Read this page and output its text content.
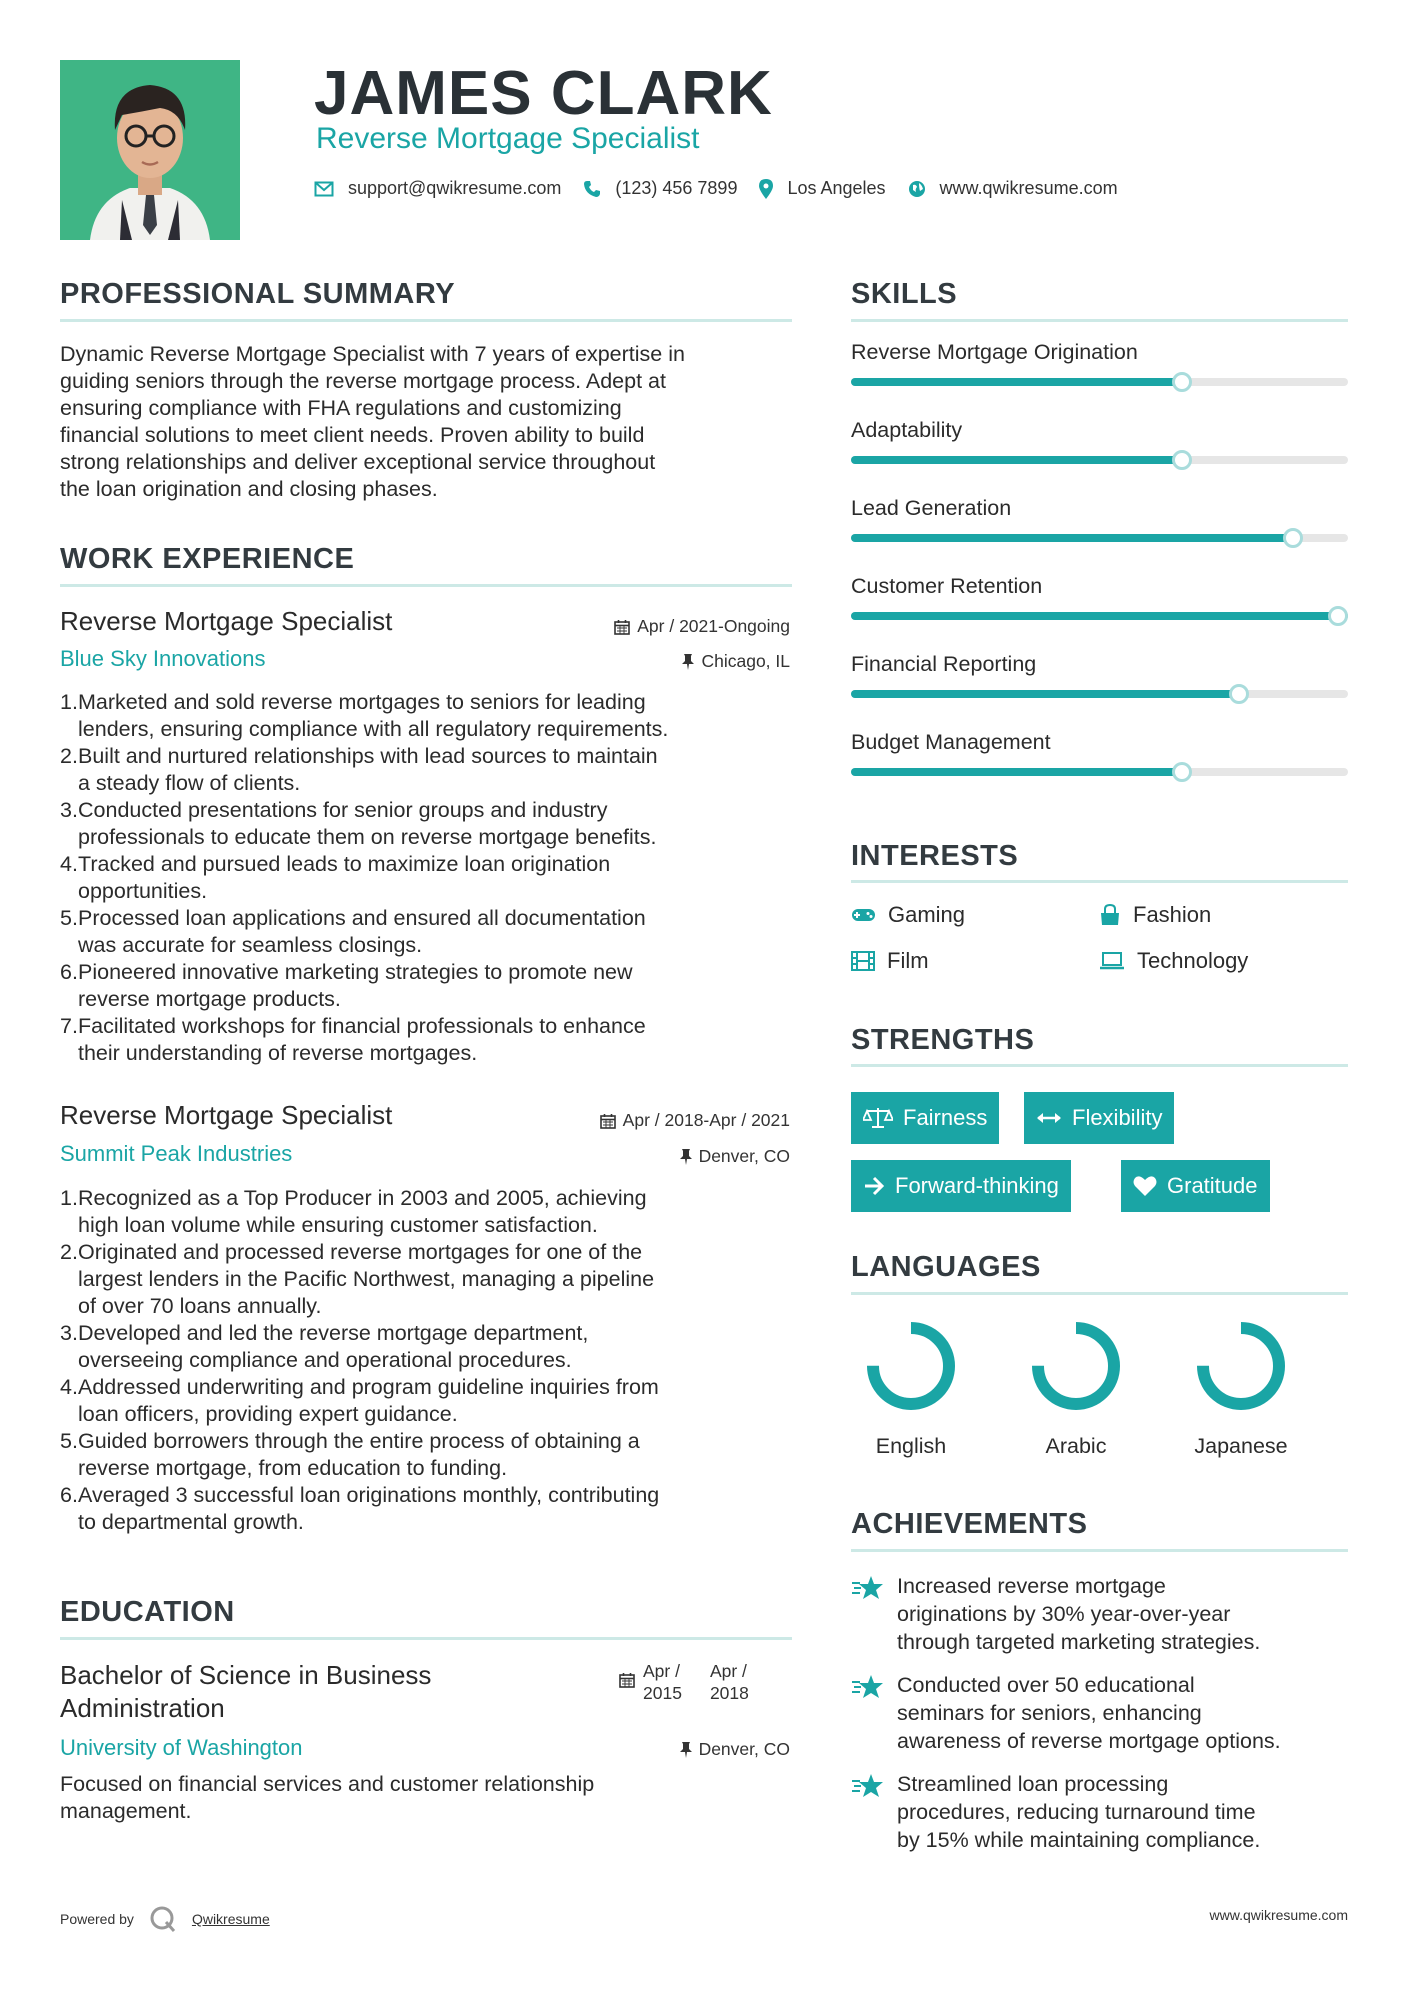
JAMES CLARK
Reverse Mortgage Specialist
support@qwikresume.com	(123) 456 7899	Los Angeles	www.qwikresume.com
PROFESSIONAL SUMMARY
Dynamic Reverse Mortgage Specialist with 7 years of expertise in
guiding seniors through the reverse mortgage process. Adept at
ensuring compliance with FHA regulations and customizing
financial solutions to meet client needs. Proven ability to build
strong relationships and deliver exceptional service throughout
the loan origination and closing phases.
WORK EXPERIENCE
Reverse Mortgage Specialist	Apr / 2021-Ongoing
Blue Sky Innovations	Chicago, IL
1. Marketed and sold reverse mortgages to seniors for leading
lenders, ensuring compliance with all regulatory requirements.
2. Built and nurtured relationships with lead sources to maintain
a steady flow of clients.
3. Conducted presentations for senior groups and industry
professionals to educate them on reverse mortgage benefits.
4. Tracked and pursued leads to maximize loan origination
opportunities.
5. Processed loan applications and ensured all documentation
was accurate for seamless closings.
6. Pioneered innovative marketing strategies to promote new
reverse mortgage products.
7. Facilitated workshops for financial professionals to enhance
their understanding of reverse mortgages.
Reverse Mortgage Specialist	Apr / 2018-Apr / 2021
Summit Peak Industries	Denver, CO
1. Recognized as a Top Producer in 2003 and 2005, achieving
high loan volume while ensuring customer satisfaction.
2. Originated and processed reverse mortgages for one of the
largest lenders in the Pacific Northwest, managing a pipeline
of over 70 loans annually.
3. Developed and led the reverse mortgage department,
overseeing compliance and operational procedures.
4. Addressed underwriting and program guideline inquiries from
loan officers, providing expert guidance.
5. Guided borrowers through the entire process of obtaining a
reverse mortgage, from education to funding.
6. Averaged 3 successful loan originations monthly, contributing
to departmental growth.
EDUCATION
Bachelor of Science in Business
Administration
Apr /
2015
Apr /
2018
University of Washington	Denver, CO
Focused on financial services and customer relationship
management.
SKILLS
Reverse Mortgage Origination
Adaptability
Lead Generation
Customer Retention
Financial Reporting
Budget Management
INTERESTS
Gaming	Fashion
Film	Technology
STRENGTHS
Fairness	Flexibility
Forward-thinking	Gratitude
LANGUAGES
English	Arabic	Japanese
ACHIEVEMENTS
Increased reverse mortgage
originations by 30% year-over-year
through targeted marketing strategies.
Conducted over 50 educational
seminars for seniors, enhancing
awareness of reverse mortgage options.
Streamlined loan processing
procedures, reducing turnaround time
by 15% while maintaining compliance.
Powered by	Qwikresume	www.qwikresume.com
